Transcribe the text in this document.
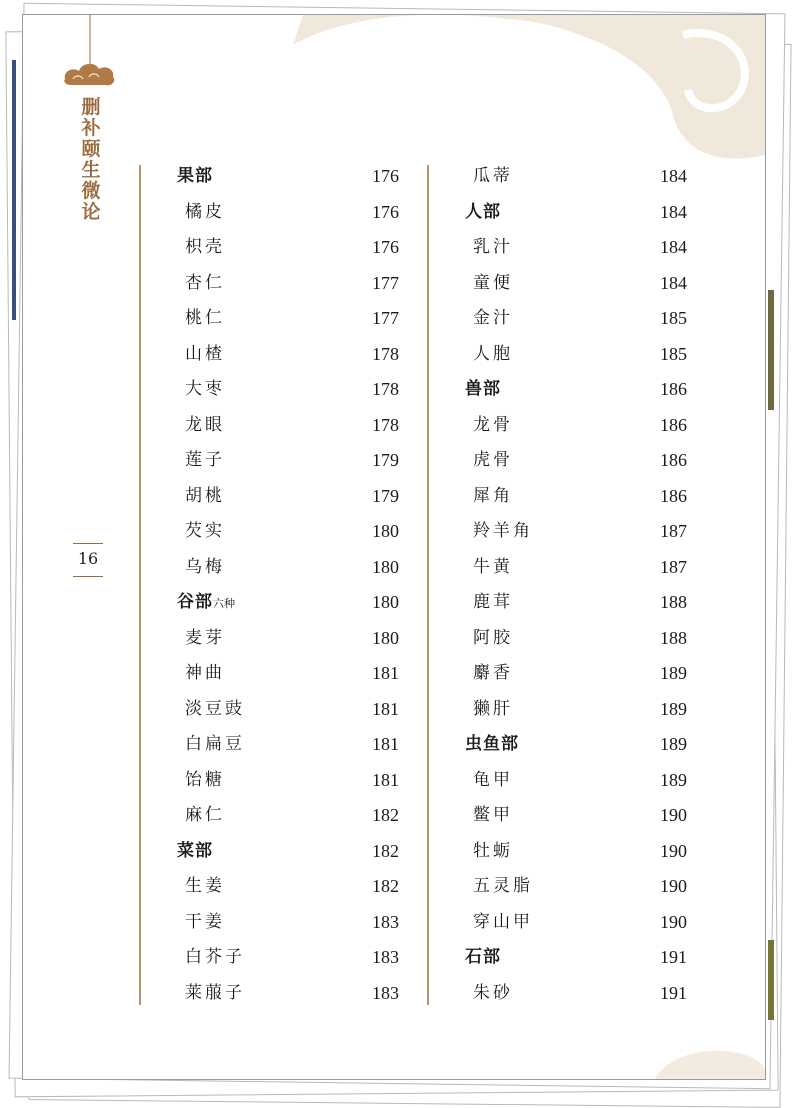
删
补
颐
生
微
论
16
果部	176
橘皮	176
枳壳	176
杏仁	177
桃仁	177
山楂	178
大枣	178
龙眼	178
莲子	179
胡桃	179
芡实	180
乌梅	180
谷部六种	180
麦芽	180
神曲	181
淡豆豉	181
白扁豆	181
饴糖	181
麻仁	182
菜部	182
生姜	182
干姜	183
白芥子	183
莱菔子	183
瓜蒂	184
人部	184
乳汁	184
童便	184
金汁	185
人胞	185
兽部	186
龙骨	186
虎骨	186
犀角	186
羚羊角	187
牛黄	187
鹿茸	188
阿胶	188
麝香	189
獭肝	189
虫鱼部	189
龟甲	189
鳖甲	190
牡蛎	190
五灵脂	190
穿山甲	190
石部	191
朱砂	191
